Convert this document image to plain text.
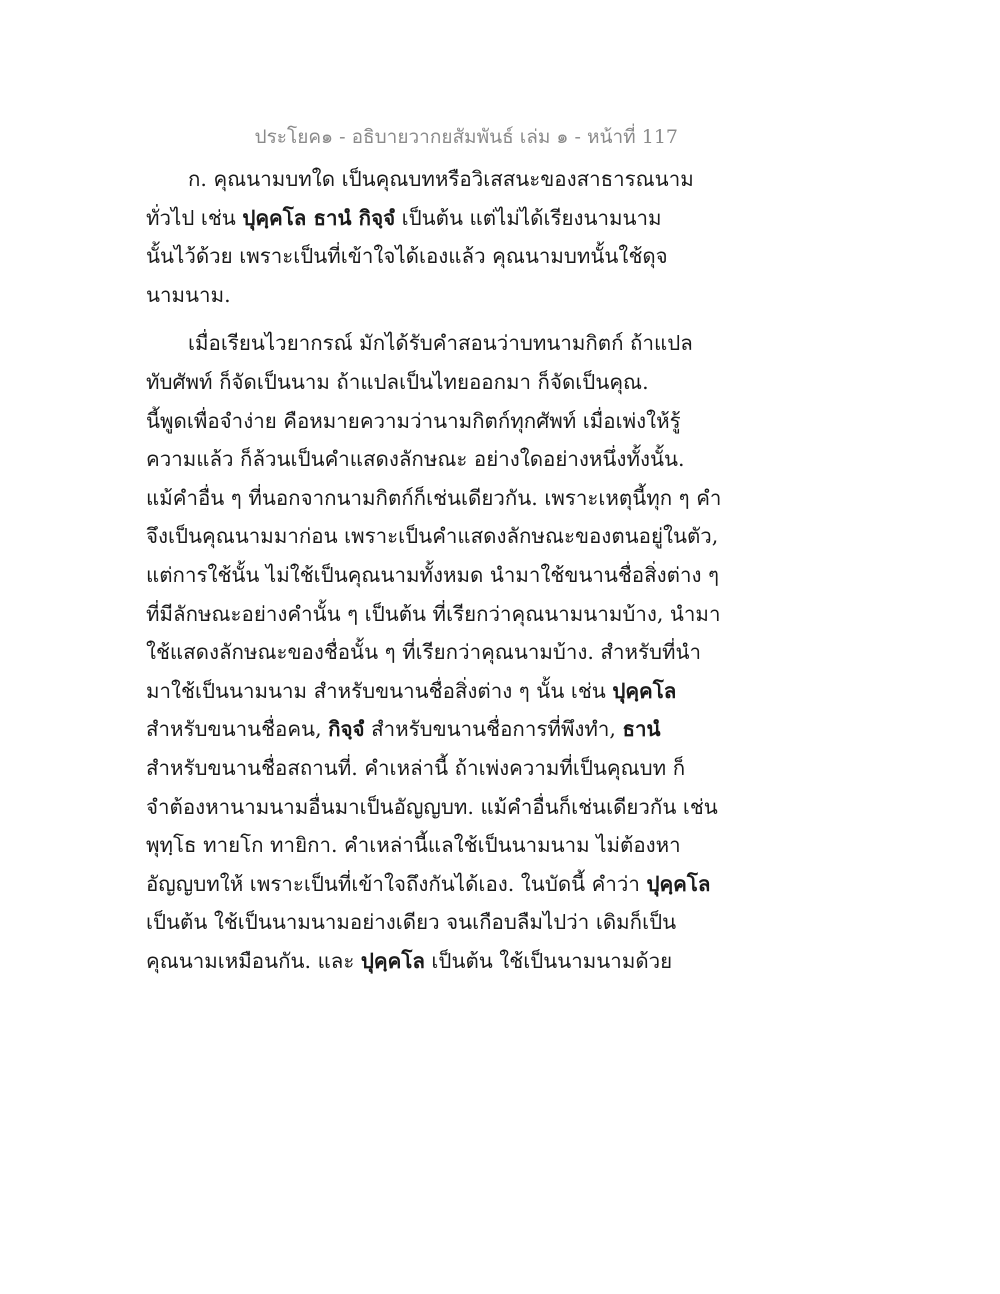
ประโยค๑ - อธิบายวากยสัมพันธ์ เล่ม ๑ - หน้าที่ 117
ก. คุณนามบทใด เป็นคุณบทหรือวิเสสนะของสาธารณนาม
ทั่วไป เช่น ปุคฺคโล ธานํ กิจฺจํ เป็นต้น แต่ไม่ได้เรียงนามนาม
นั้นไว้ด้วย เพราะเป็นที่เข้าใจได้เองแล้ว คุณนามบทนั้นใช้ดุจ
นามนาม.
เมื่อเรียนไวยากรณ์ มักได้รับคำสอนว่าบทนามกิตก์ ถ้าแปล
ทับศัพท์ ก็จัดเป็นนาม ถ้าแปลเป็นไทยออกมา ก็จัดเป็นคุณ.
นี้พูดเพื่อจำง่าย คือหมายความว่านามกิตก์ทุกศัพท์ เมื่อเพ่งให้รู้
ความแล้ว ก็ล้วนเป็นคำแสดงลักษณะ อย่างใดอย่างหนึ่งทั้งนั้น.
แม้คำอื่น ๆ ที่นอกจากนามกิตก์ก็เช่นเดียวกัน. เพราะเหตุนี้ทุก ๆ คำ
จึงเป็นคุณนามมาก่อน เพราะเป็นคำแสดงลักษณะของตนอยู่ในตัว,
แต่การใช้นั้น ไม่ใช้เป็นคุณนามทั้งหมด นำมาใช้ขนานชื่อสิ่งต่าง ๆ
ที่มีลักษณะอย่างคำนั้น ๆ เป็นต้น ที่เรียกว่าคุณนามนามบ้าง, นำมา
ใช้แสดงลักษณะของชื่อนั้น ๆ ที่เรียกว่าคุณนามบ้าง. สำหรับที่นำ
มาใช้เป็นนามนาม สำหรับขนานชื่อสิ่งต่าง ๆ นั้น เช่น ปุคฺคโล
สำหรับขนานชื่อคน, กิจฺจํ สำหรับขนานชื่อการที่พึงทำ, ธานํ
สำหรับขนานชื่อสถานที่. คำเหล่านี้ ถ้าเพ่งความที่เป็นคุณบท ก็
จำต้องหานามนามอื่นมาเป็นอัญญบท. แม้คำอื่นก็เช่นเดียวกัน เช่น
พุทฺโธ ทายโก ทายิกา. คำเหล่านี้แลใช้เป็นนามนาม ไม่ต้องหา
อัญญบทให้ เพราะเป็นที่เข้าใจถึงกันได้เอง. ในบัดนี้ คำว่า ปุคฺคโล
เป็นต้น ใช้เป็นนามนามอย่างเดียว จนเกือบลืมไปว่า เดิมก็เป็น
คุณนามเหมือนกัน. และ ปุคฺคโล เป็นต้น ใช้เป็นนามนามด้วย
